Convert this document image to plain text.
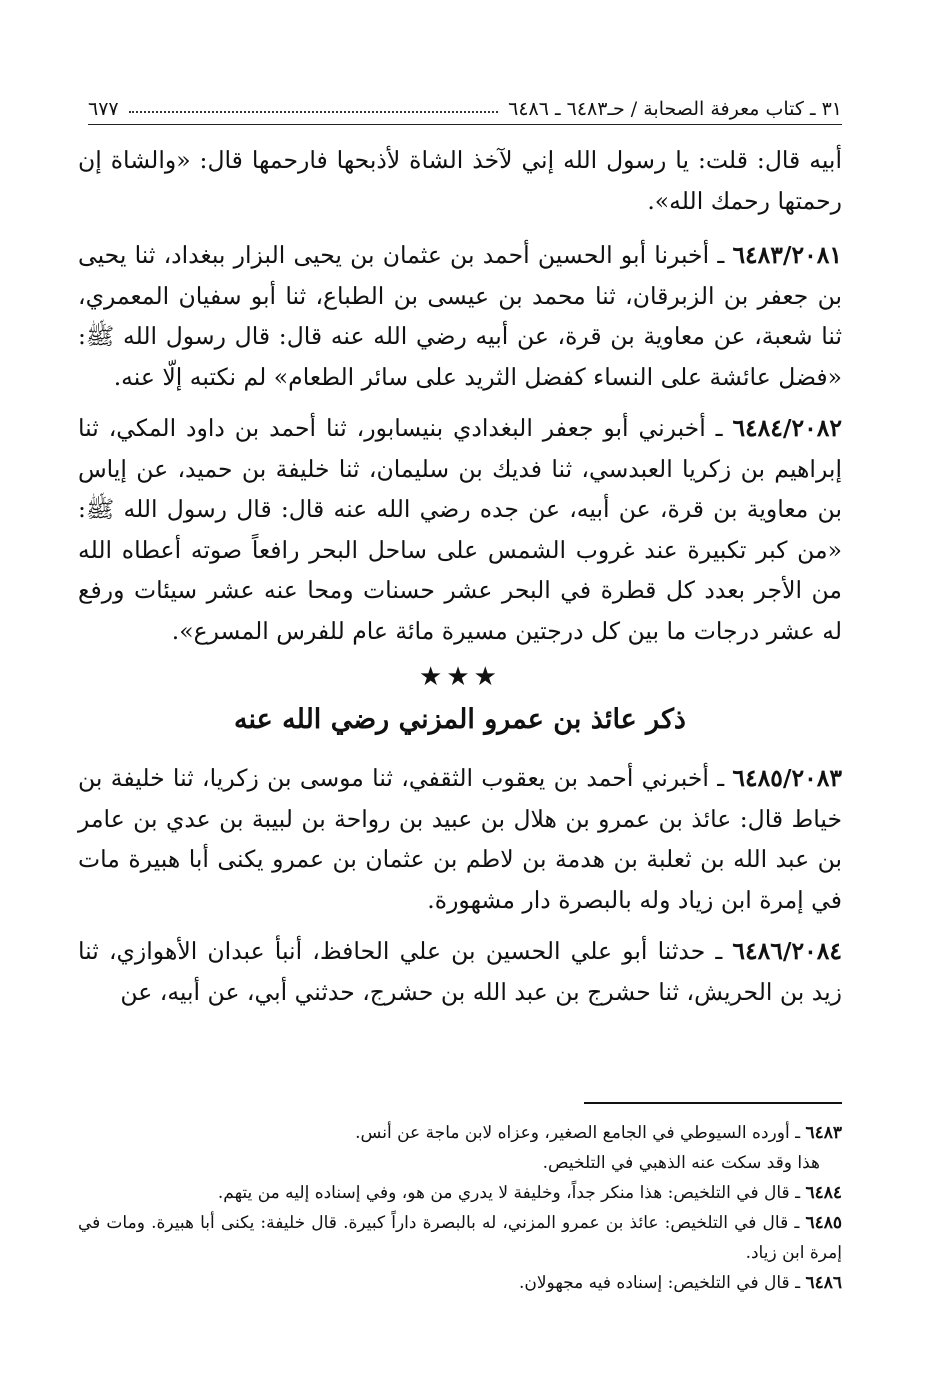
٣١ ـ كتاب معرفة الصحابة / حـ٦٤٨٣ ـ ٦٤٨٦
٦٧٧

أبيه قال: قلت: يا رسول الله إني لآخذ الشاة لأذبحها فارحمها قال: «والشاة إن رحمتها رحمك الله».

٦٤٨٣/٢٠٨١ ـ أخبرنا أبو الحسين أحمد بن عثمان بن يحيى البزار ببغداد، ثنا يحيى بن جعفر بن الزبرقان، ثنا محمد بن عيسى بن الطباع، ثنا أبو سفيان المعمري، ثنا شعبة، عن معاوية بن قرة، عن أبيه رضي الله عنه قال: قال رسول الله ﷺ: «فضل عائشة على النساء كفضل الثريد على سائر الطعام» لم نكتبه إلّا عنه.

٦٤٨٤/٢٠٨٢ ـ أخبرني أبو جعفر البغدادي بنيسابور، ثنا أحمد بن داود المكي، ثنا إبراهيم بن زكريا العبدسي، ثنا فديك بن سليمان، ثنا خليفة بن حميد، عن إياس بن معاوية بن قرة، عن أبيه، عن جده رضي الله عنه قال: قال رسول الله ﷺ: «من كبر تكبيرة عند غروب الشمس على ساحل البحر رافعاً صوته أعطاه الله من الأجر بعدد كل قطرة في البحر عشر حسنات ومحا عنه عشر سيئات ورفع له عشر درجات ما بين كل درجتين مسيرة مائة عام للفرس المسرع».

★★★
ذكر عائذ بن عمرو المزني رضي الله عنه

٦٤٨٥/٢٠٨٣ ـ أخبرني أحمد بن يعقوب الثقفي، ثنا موسى بن زكريا، ثنا خليفة بن خياط قال: عائذ بن عمرو بن هلال بن عبيد بن رواحة بن لبيبة بن عدي بن عامر بن عبد الله بن ثعلبة بن هدمة بن لاطم بن عثمان بن عمرو يكنى أبا هبيرة مات في إمرة ابن زياد وله بالبصرة دار مشهورة.

٦٤٨٦/٢٠٨٤ ـ حدثنا أبو علي الحسين بن علي الحافظ، أنبأ عبدان الأهوازي، ثنا زيد بن الحريش، ثنا حشرج بن عبد الله بن حشرج، حدثني أبي، عن أبيه، عن

٦٤٨٣ ـ أورده السيوطي في الجامع الصغير، وعزاه لابن ماجة عن أنس.

هذا وقد سكت عنه الذهبي في التلخيص.

٦٤٨٤ ـ قال في التلخيص: هذا منكر جداً، وخليفة لا يدري من هو، وفي إسناده إليه من يتهم.

٦٤٨٥ ـ قال في التلخيص: عائذ بن عمرو المزني، له بالبصرة داراً كبيرة. قال خليفة: يكنى أبا هبيرة. ومات في إمرة ابن زياد.

٦٤٨٦ ـ قال في التلخيص: إسناده فيه مجهولان.
